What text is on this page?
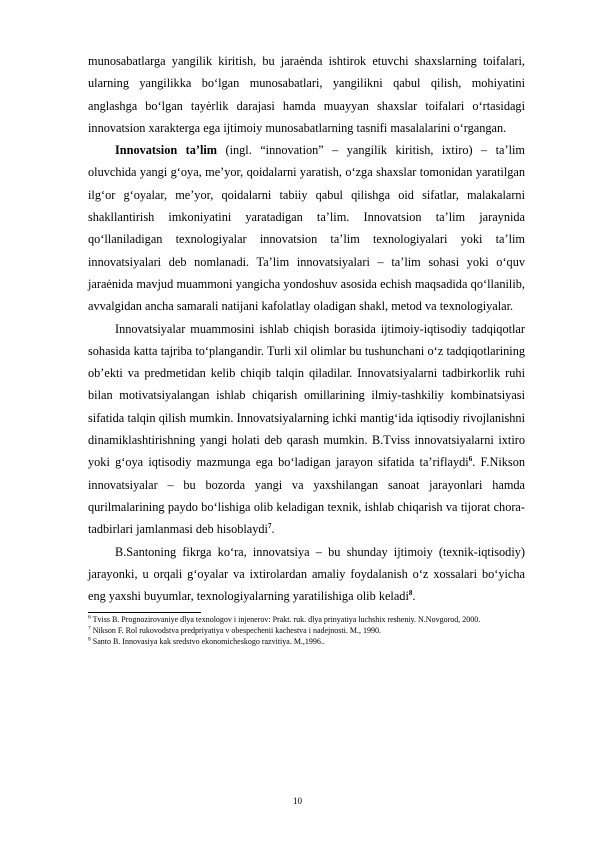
munosabatlarga yangilik kiritish, bu jaraėnda ishtirok etuvchi shaxslarning toifalari, ularning yangilikka bo‘lgan munosabatlari, yangilikni qabul qilish, mohiyatini anglashga bo‘lgan tayėrlik darajasi hamda muayyan shaxslar toifalari o‘rtasidagi innovatsion xarakterga ega ijtimoiy munosabatlarning tasnifi masalalarini o‘rgangan.

Innovatsion ta’lim (ingl. “innovation” – yangilik kiritish, ixtiro) – ta’lim oluvchida yangi g‘oya, me’yor, qoidalarni yaratish, o‘zga shaxslar tomonidan yaratilgan ilg‘or g‘oyalar, me’yor, qoidalarni tabiiy qabul qilishga oid sifatlar, malakalarni shakllantirish imkoniyatini yaratadigan ta’lim. Innovatsion ta’lim jaraynida qo‘llaniladigan texnologiyalar innovatsion ta’lim texnologiyalari yoki ta’lim innovatsiyalari deb nomlanadi. Ta’lim innovatsiyalari – ta’lim sohasi yoki o‘quv jaraėnida mavjud muammoni yangicha yondoshuv asosida echish maqsadida qo‘llanilib, avvalgidan ancha samarali natijani kafolatlay oladigan shakl, metod va texnologiyalar.

Innovatsiyalar muammosini ishlab chiqish borasida ijtimoiy-iqtisodiy tadqiqotlar sohasida katta tajriba to‘plangandir. Turli xil olimlar bu tushunchani o‘z tadqiqotlarining ob’ekti va predmetidan kelib chiqib talqin qiladilar. Innovatsiyalarni tadbirkorlik ruhi bilan motivatsiyalangan ishlab chiqarish omillarining ilmiy-tashkiliy kombinatsiyasi sifatida talqin qilish mumkin. Innovatsiyalarning ichki mantig‘ida iqtisodiy rivojlanishni dinamiklashtirishning yangi holati deb qarash mumkin. B.Tviss innovatsiyalarni ixtiro yoki g‘oya iqtisodiy mazmunga ega bo‘ladigan jarayon sifatida ta’riflaydi$^6$. F.Nikson innovatsiyalar – bu bozorda yangi va yaxshilangan sanoat jarayonlari hamda qurilmalarining paydo bo‘lishiga olib keladigan texnik, ishlab chiqarish va tijorat chora-tadbirlari jamlanmasi deb hisoblaydi$^7$.

B.Santoning fikrga ko‘ra, innovatsiya – bu shunday ijtimoiy (texnik-iqtisodiy) jarayonki, u orqali g‘oyalar va ixtirolardan amaliy foydalanish o‘z xossalari bo‘yicha eng yaxshi buyumlar, texnologiyalarning yaratilishiga olib keladi$^8$.

$^6$ Tviss B. Prognozirovaniye dlya texnologov i injenerov: Prakt. ruk. dlya prinyatiya luchshix resheniy. N.Novgorod, 2000.

$^7$ Nikson F. Rol rukovodstva predpriyatiya v obespechenii kachestva i nadejnosti. M., 1990.

$^8$ Santo B. Innovasiya kak sredstvo ekonomicheskogo razvitiya. M.,1996..

10
